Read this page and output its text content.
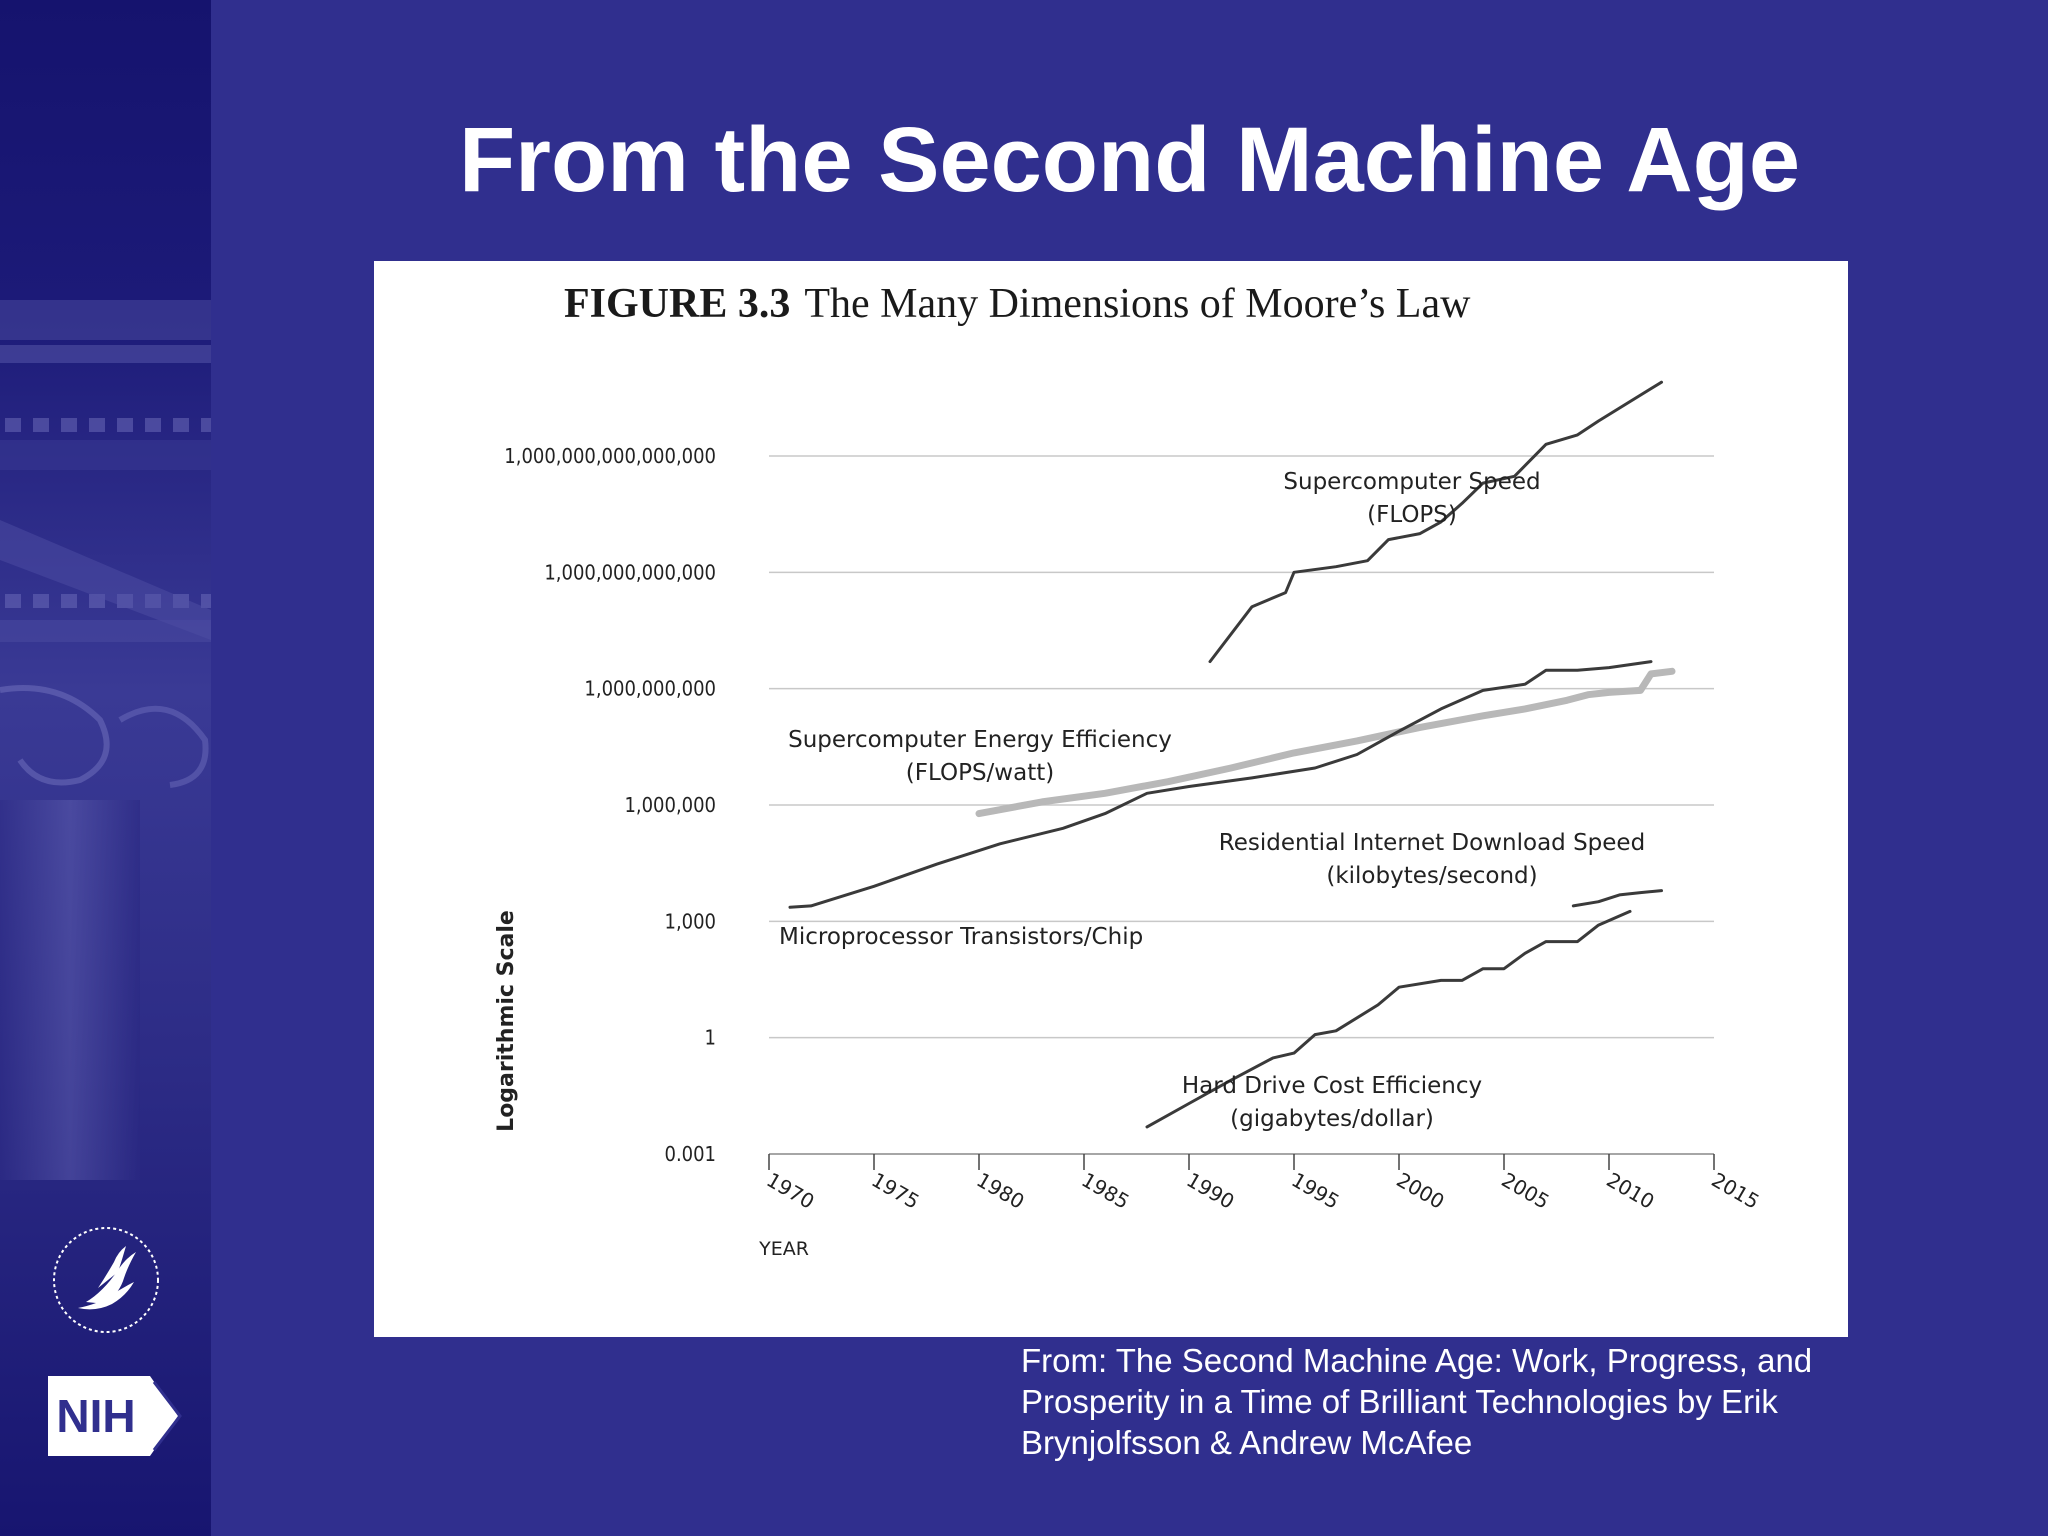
NIH
From the Second Machine Age
0.001
1
1,000
1,000,000
1,000,000,000
1,000,000,000,000
1,000,000,000,000,000
1970 1975 1980 1985 1990 1995 2000 2005 2010 2015
Supercomputer Speed
(FLOPS)
Supercomputer Energy Efficiency
(FLOPS/watt)
Microprocessor Transistors/Chip
Residential Internet Download Speed
(kilobytes/second)
Hard Drive Cost Efficiency
(gigabytes/dollar)
FIGURE 3.3 The Many Dimensions of Moore’s Law
Logarithmic Scale
YEAR
From: The Second Machine Age: Work, Progress, and
Prosperity in a Time of Brilliant Technologies by Erik
Brynjolfsson & Andrew McAfee
